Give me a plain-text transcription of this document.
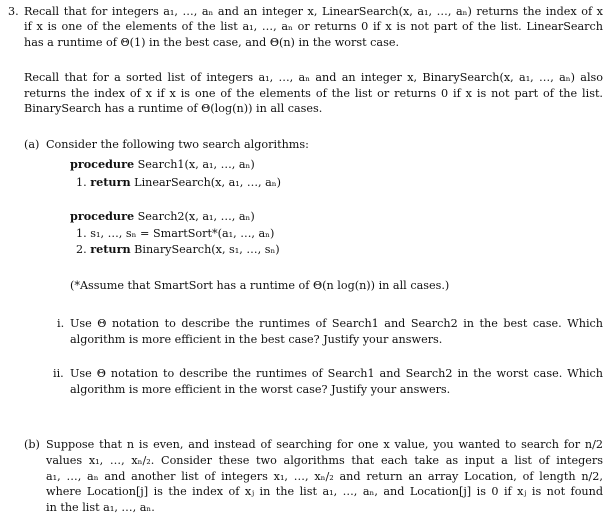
3. Recall that for integers a₁, …, aₙ and an integer x, LinearSearch(x, a₁, …, aₙ) returns the index of x
if x is one of the elements of the list a₁, …, aₙ or returns 0 if x is not part of the list. LinearSearch
has a runtime of Θ(1) in the best case, and Θ(n) in the worst case.
Recall that for a sorted list of integers a₁, …, aₙ and an integer x, BinarySearch(x, a₁, …, aₙ) also
returns the index of x if x is one of the elements of the list or returns 0 if x is not part of the list.
BinarySearch has a runtime of Θ(log(n)) in all cases.
(a) Consider the following two search algorithms:
procedure Search1(x, a₁, …, aₙ)
1. return LinearSearch(x, a₁, …, aₙ)
procedure Search2(x, a₁, …, aₙ)
1. s₁, …, sₙ = SmartSort*(a₁, …, aₙ)
2. return BinarySearch(x, s₁, …, sₙ)
(*Assume that SmartSort has a runtime of Θ(n log(n)) in all cases.)
i. Use Θ notation to describe the runtimes of Search1 and Search2 in the best case. Which
algorithm is more efficient in the best case? Justify your answers.
ii. Use Θ notation to describe the runtimes of Search1 and Search2 in the worst case. Which
algorithm is more efficient in the worst case? Justify your answers.
(b) Suppose that n is even, and instead of searching for one x value, you wanted to search for n/2
values x₁, …, xₙ/₂. Consider these two algorithms that each take as input a list of integers
a₁, …, aₙ and another list of integers x₁, …, xₙ/₂ and return an array Location, of length n/2,
where Location[j] is the index of xⱼ in the list a₁, …, aₙ, and Location[j] is 0 if xⱼ is not found
in the list a₁, …, aₙ.
